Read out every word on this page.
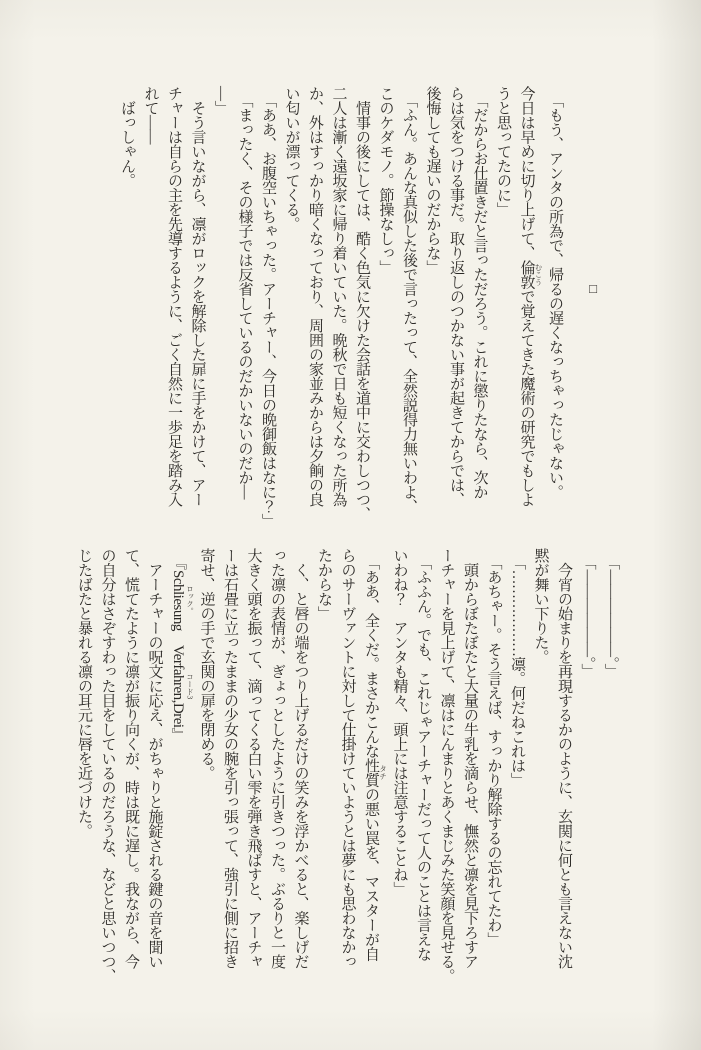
□

　「もう、アンタの所為で、帰るの遅くなっちゃったじゃない。

今日は早めに切り上げて、倫敦 むこうで覚えてきた魔術の研究でもしよ

うと思ってたのに」

　「だからお仕置きだと言っただろう。これに懲りたなら、次か

らは気をつける事だ。取り返しのつかない事が起きてからでは、

後悔しても遅いのだからな」

　「ふん。あんな真似した後で言ったって、全然説得力無いわよ、

このケダモノ。節操なしっ」

　情事の後にしては、酷く色気に欠けた会話を道中に交わしつつ、

二人は漸く遠坂家に帰り着いていた。晩秋で日も短くなった所為

か、外はすっかり暗くなっており、周囲の家並みからは夕餉の良

い匂いが漂ってくる。

　「ああ、お腹空いちゃった。アーチャー、今日の晩御飯はなに？」

　「まったく、その様子では反省しているのだかいないのだか―

―」

　そう言いながら、凛がロックを解除した扉に手をかけて、アー

チャーは自らの主を先導するように、ごく自然に一歩足を踏み入

れて――

　ばっしゃん。

　「――――――。」

　「――――――。」

　今宵の始まりを再現するかのように、玄関に何とも言えない沈

黙が舞い下りた。

　「………………凛。何だねこれは」

　「あちゃー。そう言えば、すっかり解除するの忘れてたわ」

　頭からぼたぼたと大量の牛乳を滴らせ、憮然と凛を見下ろすア

ーチャーを見上げて、凛はにんまりとあくまじみた笑顔を見せる。

　「ふふん。でも、これじゃアーチャーだって人のことは言えな

いわね？　アンタも精々、頭上には注意することね」

　「ああ、全くだ。まさかこんな性質 タチの悪い罠を、マスターが自

らのサーヴァントに対して仕掛けていようとは夢にも思わなかっ

たからな」

　く、と唇の端をつり上げるだけの笑みを浮かべると、楽しげだ

った凛の表情が、ぎょっとしたように引きつった。ぶるりと一度

大きく頭を振って、滴ってくる白い雫を弾き飛ばすと、アーチャ

ーは石畳に立ったままの少女の腕を引っ張って、強引に側に招き

寄せ、逆の手で玄関の扉を閉める。

　『Schliesung ロック。　Verfahren,Drei コード3』

　アーチャーの呪文に応え、がちゃりと施錠される鍵の音を聞い

て、慌てたように凛が振り向くが、時は既に遅し。我ながら、今

の自分はさぞすわった目をしているのだろうな、などと思いつつ、

じたばたと暴れる凛の耳元に唇を近づけた。
